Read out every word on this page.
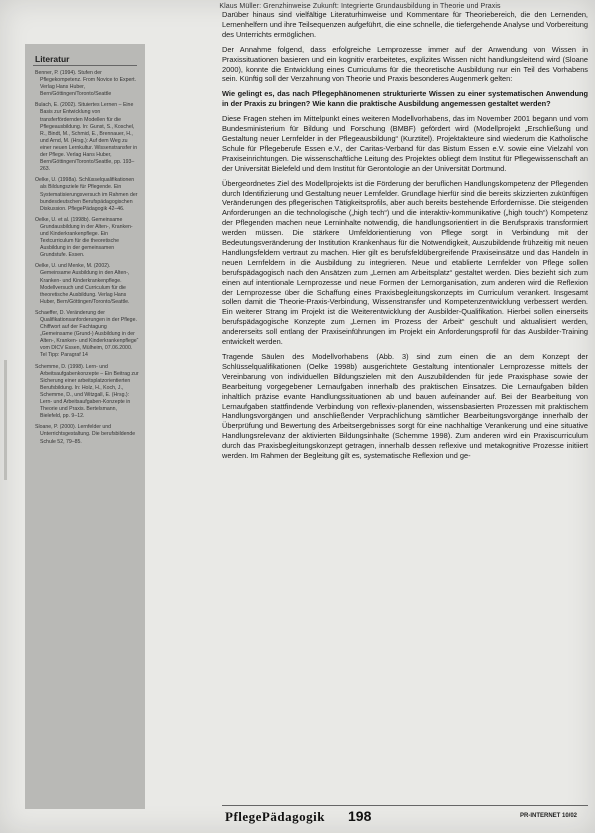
Klaus Müller: Grenzhinweise Zukunft: Integrierte Grundausbildung in Theorie und Praxis
Literatur
Benner, P. (1994). Stufen der Pflegekompetenz. From Novice to Expert. Verlag Hans Huber, Bern/Göttingen/Toronto/Seattle
Bulach, E. (2002). Situiertes Lernen – Eine Basis zur Entwicklung von transferfördernden Modellen für die Pflegeausbildung. In: Gunst, S., Koschel, R., Bindt, M., Schmid, E., Brennauer, H., und Arnd, M. (Hrsg.): Auf dem Weg zu einer neuen Lernkultur. Wissenstransfer in der Pflege. Verlag Hans Huber, Bern/Göttingen/Toronto/Seattle, pp. 193–263.
Oelke, U. (1998a). Schlüsselqualifikationen als Bildungsziele für Pflegende. Ein Systematisierungsversuch im Rahmen der bundesdeutschen Berufspädagogischen Diskussion. PflegePädagogik 42–46.
Oelke, U. et al. (1998b). Gemeinsame Grundausbildung in der Alten-, Kranken- und Kinderkrankenpflege. Ein Textcurriculum für die theoretische Ausbildung in der gemeinsamen Grundstufe. Essen.
Oelke, U. und Menke, M. (2002). Gemeinsame Ausbildung in den Alten-, Kranken- und Kinderkrankenpflege. Modellversuch und Curriculum für die theoretische Ausbildung. Verlag Hans Huber, Bern/Göttingen/Toronto/Seattle.
Schaeffer, D. Veränderung der Qualifikationsanforderungen in der Pflege. Chiffwort auf der Fachtagung „Gemeinsame (Grund-) Ausbildung in der Alten-, Kranken- und Kinderkrankenpflege“ vom DICV Essen, Mülheim, 07.06.2000. Tel Tipp: Paragraf 14
Schemme, D. (1998). Lern- und Arbeitsaufgabenkonzepte – Ein Beitrag zur Sicherung einer arbeitsplatzorientierten Berufsbildung. In: Holz, H., Koch, J., Schemme, D., und Witzgall, E. (Hrsg.): Lern- und Arbeitsaufgaben-Konzepte in Theorie und Praxis. Bertelsmann, Bielefeld, pp. 9–12.
Sloane, P. (2000). Lernfelder und Unterrichtsgestaltung. Die berufsbildende Schule 52, 79–85.

Darüber hinaus sind vielfältige Literaturhinweise und Kommentare für Theoriebereich, die den Lernenden, Lernenhelfern und ihre Teilsequenzen aufgeführt, die eine schnelle, die tiefergehende Analyse und Vorbereitung des Unterrichts ermöglichen.

Der Annahme folgend, dass erfolgreiche Lernprozesse immer auf der Anwendung von Wissen in Praxissituationen basieren und ein kognitiv erarbeitetes, explizites Wissen nicht handlungsleitend wird (Sloane 2000), konnte die Entwicklung eines Curriculums für die theoretische Ausbildung nur ein Teil des Vorhabens sein. Künftig soll der Verzahnung von Theorie und Praxis besonderes Augenmerk gelten:

Wie gelingt es, das nach Pflegephänomenen strukturierte Wissen zu einer systematischen Anwendung in der Praxis zu bringen? Wie kann die praktische Ausbildung angemessen gestaltet werden?

Diese Fragen stehen im Mittelpunkt eines weiteren Modellvorhabens, das im November 2001 begann und vom Bundesministerium für Bildung und Forschung (BMBF) gefördert wird (Modellprojekt „Erschließung und Gestaltung neuer Lernfelder in der Pflegeausbildung“ (Kurztitel). Projektakteure sind wiederum die Katholische Schule für Pflegeberufe Essen e.V., der Caritas-Verband für das Bistum Essen e.V. sowie eine Vielzahl von Praxiseinrichtungen. Die wissenschaftliche Leitung des Projektes obliegt dem Institut für Pflegewissenschaft an der Universität Bielefeld und dem Institut für Gerontologie an der Universität Dortmund.

Übergeordnetes Ziel des Modellprojekts ist die Förderung der beruflichen Handlungskompetenz der Pflegenden durch Identifizierung und Gestaltung neuer Lernfelder. Grundlage hierfür sind die bereits skizzierten zukünftigen Veränderungen des pflegerischen Tätigkeitsprofils, aber auch bereits bestehende Erfordernisse. Die steigenden Anforderungen an die technologische („high tech“) und die interaktiv-kommunikative („high touch“) Kompetenz der Pflegenden machen neue Lerninhalte notwendig, die handlungsorientiert in die Berufspraxis transformiert werden müssen. Die stärkere Umfeldorientierung von Pflege sorgt in Verbindung mit der Bedeutungsveränderung der Institution Krankenhaus für die Notwendigkeit, Auszubildende frühzeitig mit neuen Handlungsfeldern vertraut zu machen. Hier gilt es berufsfeldübergreifende Praxiseinsätze und das Handeln in neuen Lernfeldern in die Ausbildung zu integrieren. Neue und etablierte Lernfelder von Pflege sollen berufspädagogisch nach den Ansätzen zum „Lernen am Arbeitsplatz“ gestaltet werden. Dies bezieht sich zum einen auf intentionale Lernprozesse und neue Formen der Lernorganisation, zum anderen wird die Reflexion der Lernprozesse über die Schaffung eines Praxisbegleitungskonzepts im Curriculum verankert. Insgesamt sollen damit die Theorie-Praxis-Verbindung, Wissenstransfer und Kompetenzentwicklung verbessert werden. Ein weiterer Strang im Projekt ist die Weiterentwicklung der Ausbilder-Qualifikation. Hierbei sollen einerseits berufspädagogische Konzepte zum „Lernen im Prozess der Arbeit“ geschult und aktualisiert werden, andererseits soll entlang der Praxiseinführungen im Projekt ein Anforderungsprofil für das Ausbilder-Training entwickelt werden.

Tragende Säulen des Modellvorhabens (Abb. 3) sind zum einen die an dem Konzept der Schlüsselqualifikationen (Oelke 1998b) ausgerichtete Gestaltung intentionaler Lernprozesse mittels der Vereinbarung von individuellen Bildungszielen mit den Auszubildenden für jede Praxisphase sowie der Bearbeitung vorgegebener Lernaufgaben innerhalb des praktischen Einsatzes. Die Lernaufgaben bilden inhaltlich präzise evante Handlungssituationen ab und bauen aufeinander auf. Bei der Bearbeitung von Lernaufgaben stattfindende Verbindung von reflexiv-planenden, wissensbasierten Prozessen mit praktischem Handlungsvorgängen und anschließender Verprachlichung sämtlicher Bearbeitungsvorgänge innerhalb der Überprüfung und Bewertung des Arbeitsergebnisses sorgt für eine nachhaltige Verankerung und eine situative Handlungsrelevanz der aktivierten Bildungsinhalte (Schemme 1998). Zum anderen wird ein Praxiscurriculum durch das Praxisbegleitungskonzept getragen, innerhalb dessen reflexive und metakognitive Prozesse initiiert werden. Im Rahmen der Begleitung gilt es, systematische Reflexion und ge-

PflegePädagogik 198	PR-INTERNET 10/02
